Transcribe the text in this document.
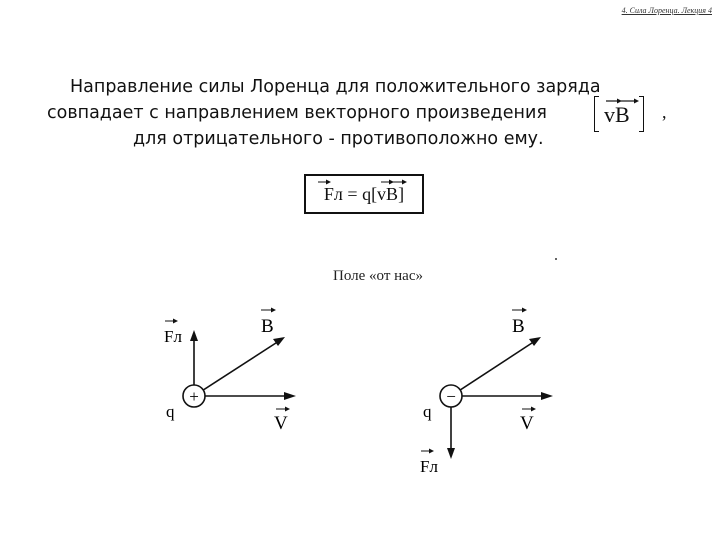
4. Сила Лоренца. Лекция 4
Направление силы Лоренца для положительного заряда
совпадает с направлением векторного произведения
для отрицательного - противоположно ему.
vB ,
Fл = q[vB]
Поле «от нас»
+
q
B
V
Fл
−
q
B
V
Fл
